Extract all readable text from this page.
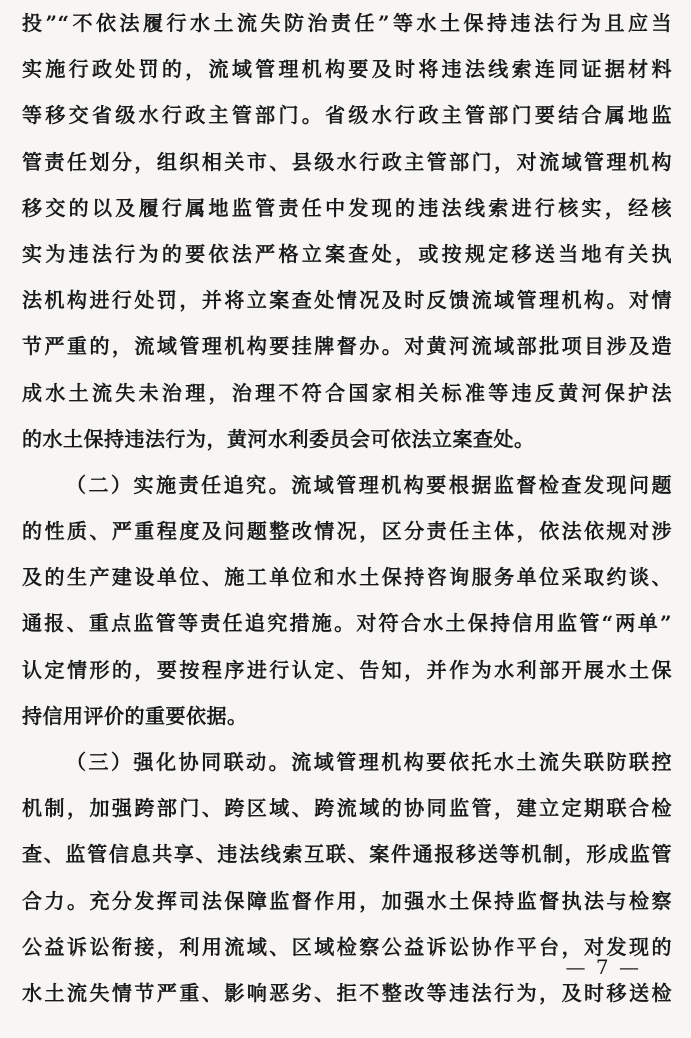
投”“不依法履行水土流失防治责任”等水土保持违法行为且应当
实施行政处罚的，流域管理机构要及时将违法线索连同证据材料
等移交省级水行政主管部门。省级水行政主管部门要结合属地监
管责任划分，组织相关市、县级水行政主管部门，对流域管理机构
移交的以及履行属地监管责任中发现的违法线索进行核实，经核
实为违法行为的要依法严格立案查处，或按规定移送当地有关执
法机构进行处罚，并将立案查处情况及时反馈流域管理机构。对情
节严重的，流域管理机构要挂牌督办。对黄河流域部批项目涉及造
成水土流失未治理，治理不符合国家相关标准等违反黄河保护法
的水土保持违法行为，黄河水利委员会可依法立案查处。
（二）实施责任追究。流域管理机构要根据监督检查发现问题
的性质、严重程度及问题整改情况，区分责任主体，依法依规对涉
及的生产建设单位、施工单位和水土保持咨询服务单位采取约谈、
通报、重点监管等责任追究措施。对符合水土保持信用监管“两单”
认定情形的，要按程序进行认定、告知，并作为水利部开展水土保
持信用评价的重要依据。
（三）强化协同联动。流域管理机构要依托水土流失联防联控
机制，加强跨部门、跨区域、跨流域的协同监管，建立定期联合检
查、监管信息共享、违法线索互联、案件通报移送等机制，形成监管
合力。充分发挥司法保障监督作用，加强水土保持监督执法与检察
公益诉讼衔接，利用流域、区域检察公益诉讼协作平台，对发现的
水土流失情节严重、影响恶劣、拒不整改等违法行为，及时移送检
— 7 —
